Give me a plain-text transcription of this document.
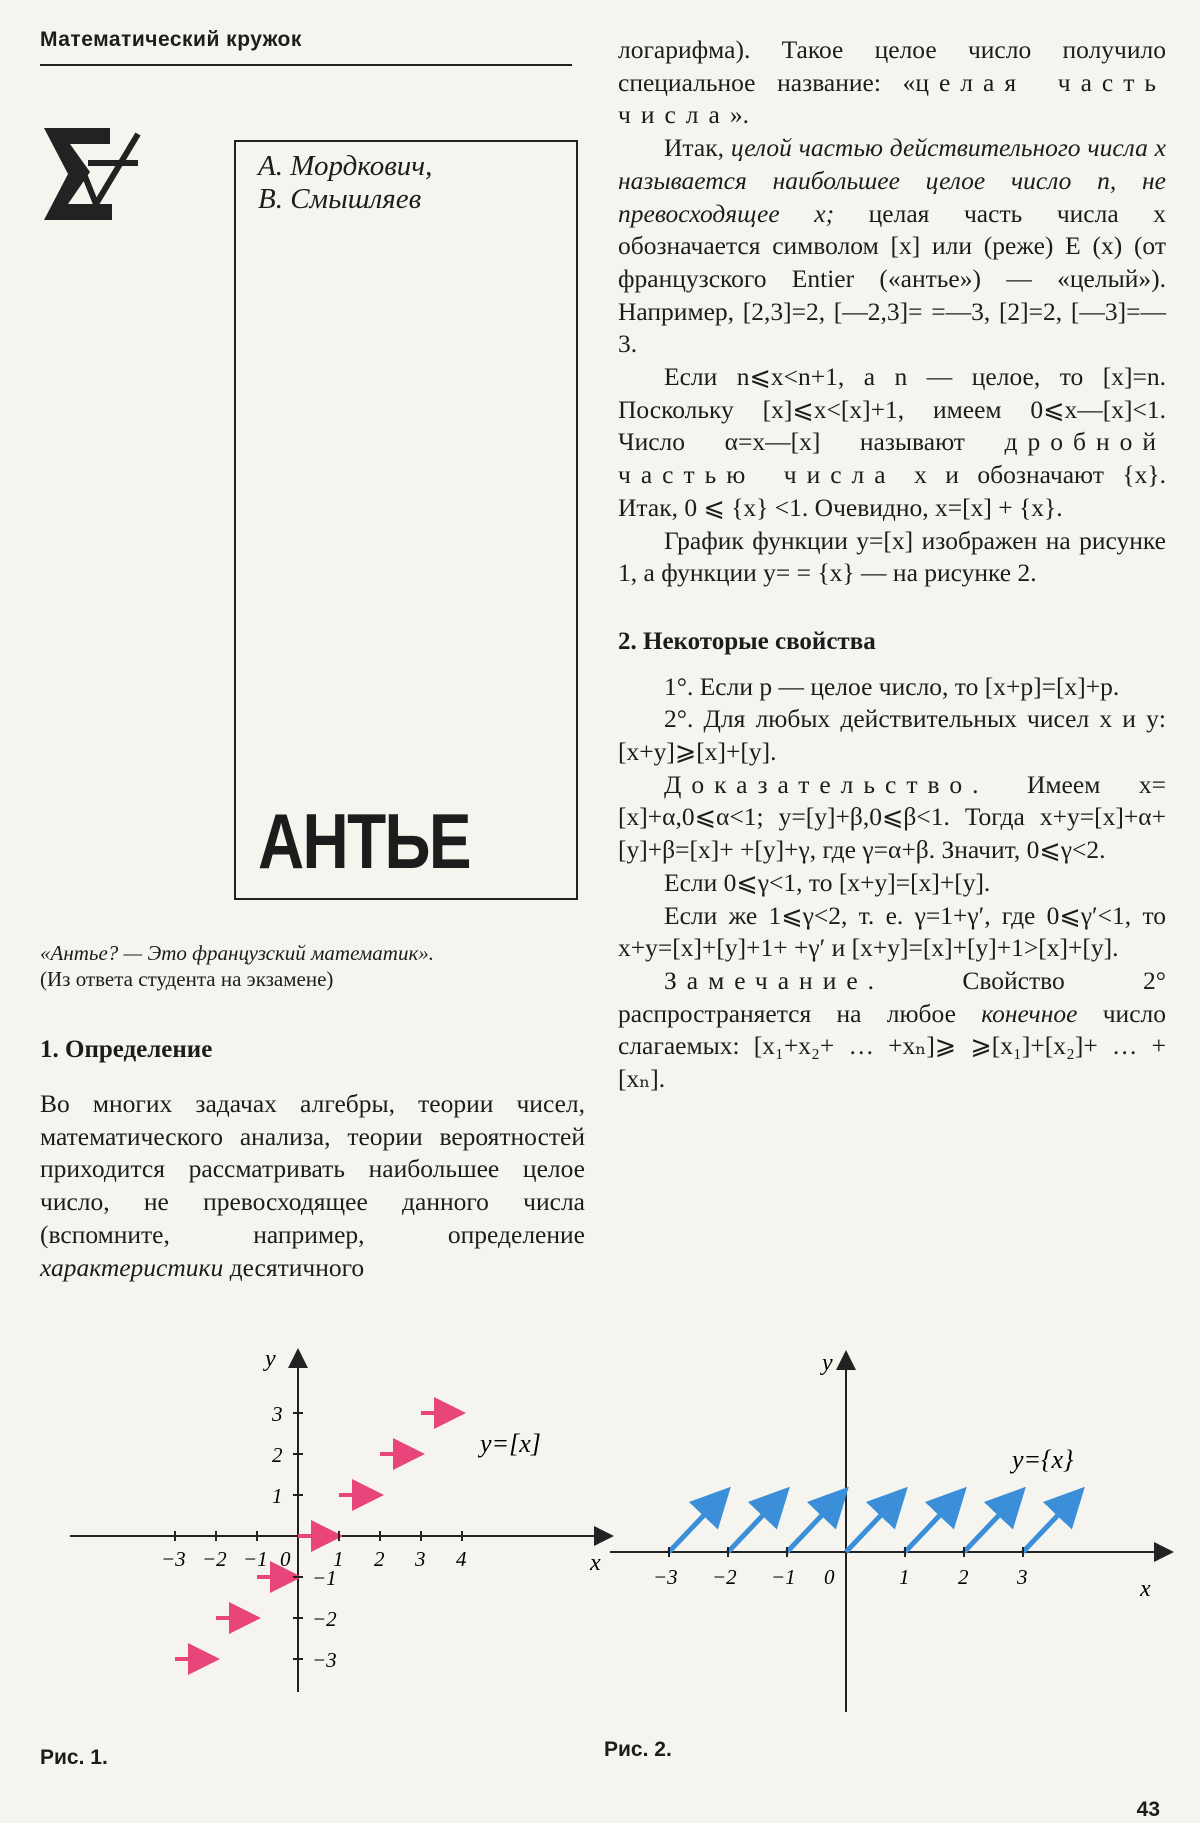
Математический кружок
А. Мордкович,
В. Смышляев
АНТЬЕ
«Антье? — Это французский математик».
(Из ответа студента на экзамене)
1. Определение

Во многих задачах алгебры, теории чисел, математического анализа, теории вероятностей приходится рассматривать наибольшее целое число, не превосходящее данного числа (вспомните, например, определение характеристики десятичного

логарифма). Такое целое число получило специальное название: «целая часть числа».

Итак, целой частью действительного числа x называется наибольшее целое число n, не превосходящее x; целая часть числа x обозначается символом [x] или (реже) E (x) (от французского Entier («антье») — «целый»). Например, [2,3]=2, [—2,3]= =—3, [2]=2, [—3]=—3.

Если n⩽x<n+1, а n — целое, то [x]=n. Поскольку [x]⩽x<[x]+1, имеем 0⩽x—[x]<1. Число α=x—[x] называют дробной частью числа x и обозначают {x}. Итак, 0 ⩽ {x} <1. Очевидно, x=[x] + {x}.

График функции y=[x] изображен на рисунке 1, а функции y= = {x} — на рисунке 2.

2. Некоторые свойства

1°. Если p — целое число, то [x+p]=[x]+p.

2°. Для любых действительных чисел x и y: [x+y]⩾[x]+[y].

Доказательство. Имеем x=[x]+α,0⩽α<1; y=[y]+β,0⩽β<1. Тогда x+y=[x]+α+[y]+β=[x]+ +[y]+γ, где γ=α+β. Значит, 0⩽γ<2.

Если 0⩽γ<1, то [x+y]=[x]+[y].

Если же 1⩽γ<2, т. е. γ=1+γ′, где 0⩽γ′<1, то x+y=[x]+[y]+1+ +γ′ и [x+y]=[x]+[y]+1>[x]+[y].

Замечание.	Свойство 2° распространяется на любое конечное число слагаемых: [x₁+x₂+ … +xₙ]⩾ ⩾[x₁]+[x₂]+ … +[xₙ].

−3 −2 −1 0 1 2 3 4
1
2
3
−1
−2
−3
y
x
y=[x]
Рис. 1.
−3 −2 −1 0	1 2 3
y
x
y={x}
Рис. 2.
43
